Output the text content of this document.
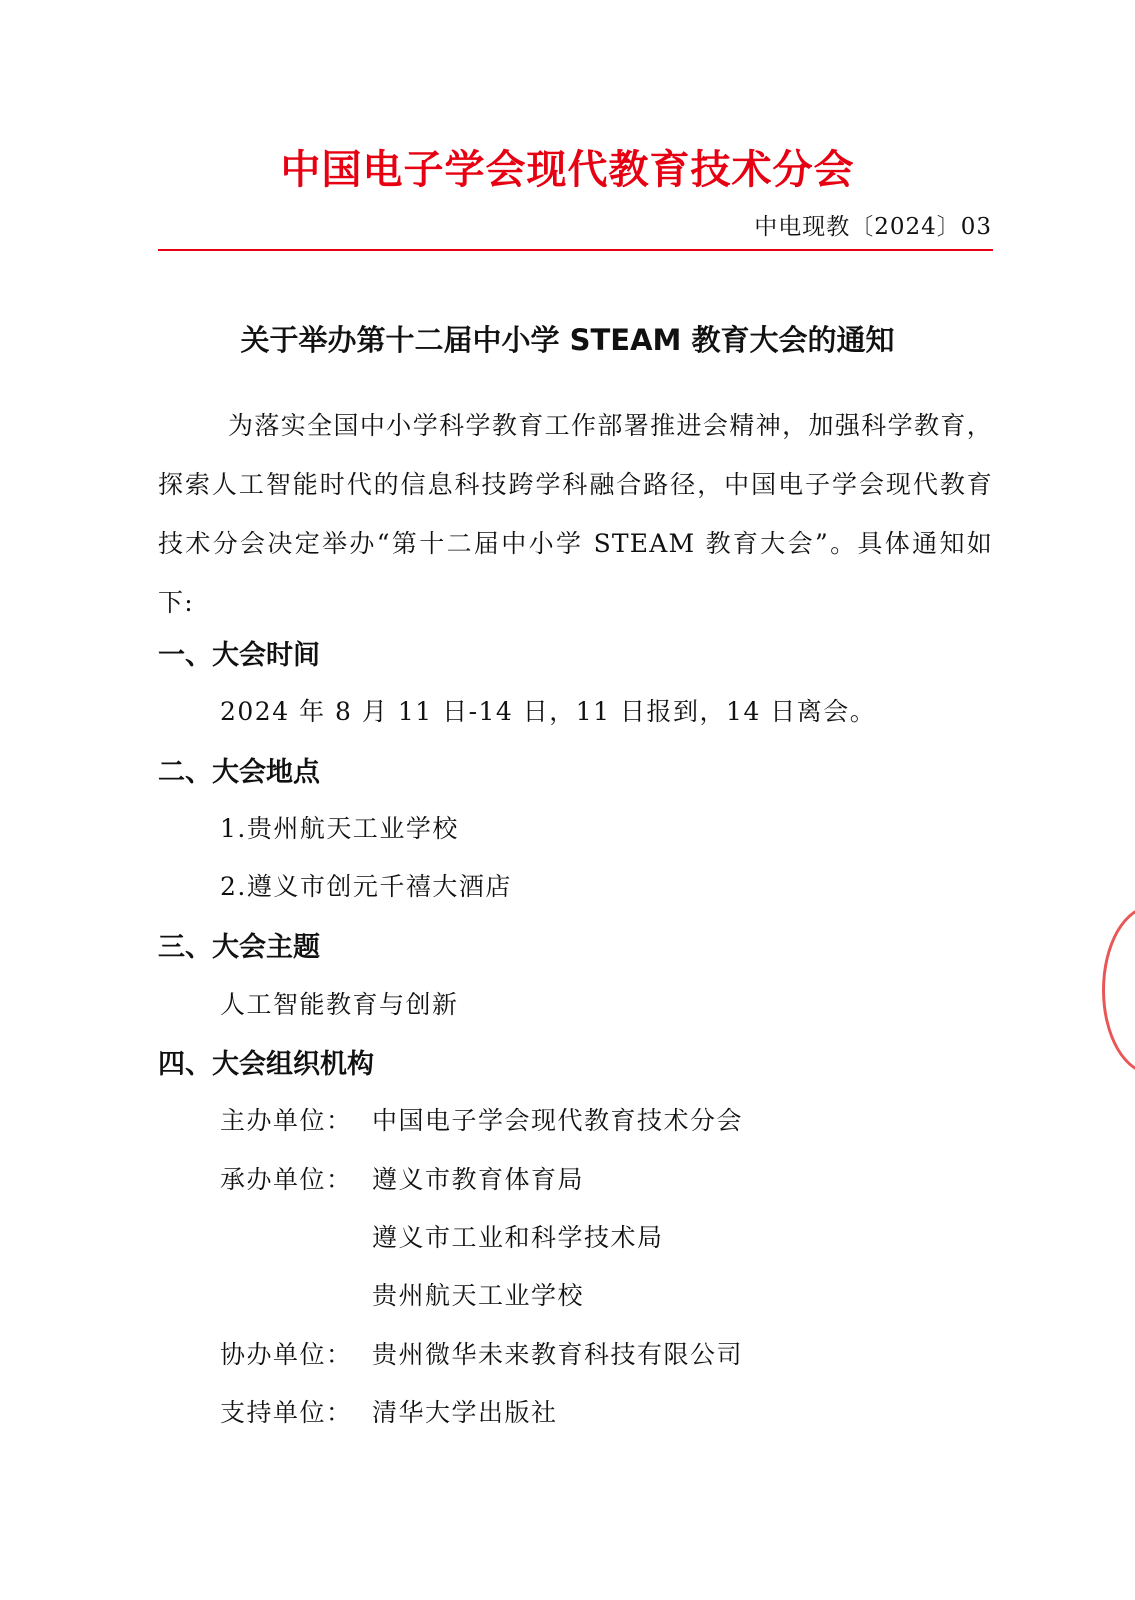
中国电子学会现代教育技术分会
中电现教〔2024〕03
关于举办第十二届中小学 STEAM 教育大会的通知
为落实全国中小学科学教育工作部署推进会精神，加强科学教育，探索人工智能时代的信息科技跨学科融合路径，中国电子学会现代教育技术分会决定举办“第十二届中小学 STEAM 教育大会”。具体通知如下:
一、大会时间
2024 年 8 月 11 日-14 日，11 日报到，14 日离会。
二、大会地点
1.贵州航天工业学校
2.遵义市创元千禧大酒店
三、大会主题
人工智能教育与创新
四、大会组织机构
主办单位： 中国电子学会现代教育技术分会
承办单位： 遵义市教育体育局
遵义市工业和科学技术局
贵州航天工业学校
协办单位： 贵州微华未来教育科技有限公司
支持单位： 清华大学出版社
